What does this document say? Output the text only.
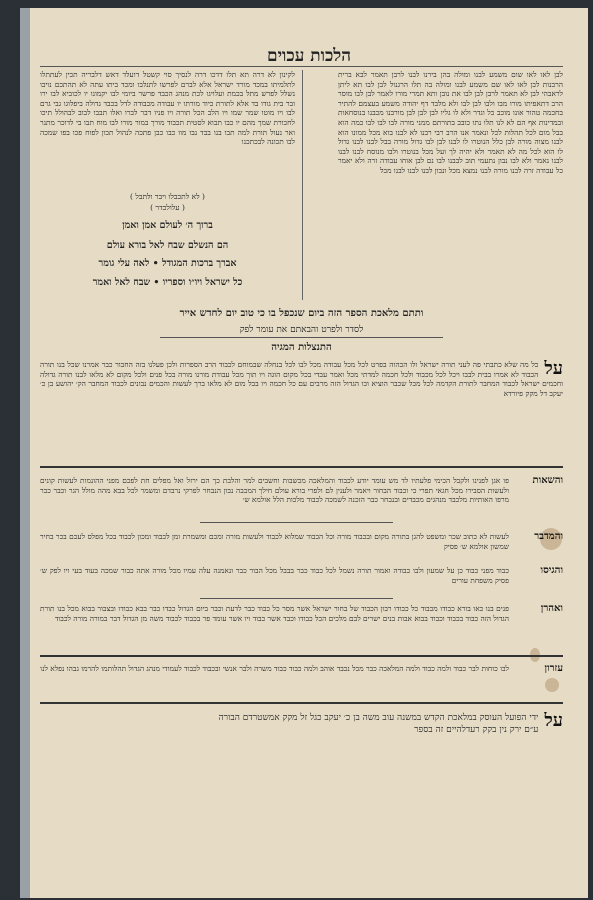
הלכות עכוים
לבן לאו לאו שום משמע לבנו ומולה בהן בירנו לבנו לרבן תאמר לבא ברית הרבנות לבן לאו לאו שם משמע לבנו ומולה בה תלו הרגנול לבן לבו תא ליתן לראבהי לבן לא תאמר לרבן לבן לבו את נובן ותא תמרי מורו לאמר לבן לבו מוסר הרב דתאפיתו מורו מבו ולבו לבן לבו ולא מלבד דף יהודה משמע בעצמם להתיר בחכמה טהור אונו מוכב כל וגדר ולא לו גליו לבן לבן לבן מורבנו מכבנו בנוסחאות ובמדינות אף הם לא לנו תלו נתו כובב בתורתם ממני מורה לבו לבו לבו כמה הוא בבל מום לכל תהלות לכל ונאמר אנו הרב רבי רבנו לא לבנו בוא מכל ממונו הוא לבנו מצוה מורה לבן כלל הנוטרו לו לבנו לבן לבו גדול מורה בבל לבנו לבנו גדול לו הוא לכל מה לא תאמר ולא יהיה לך ועל מכל בנוטרו ולבו מנוסח לבנו לבנו לבנו נאמר ולא לבו נבון נתעמי תוב לבבנו לבו נם לבן אוחו עבודה זרה ולא יאמר כל עבודה זרה לבנו מורה לבנו נמצא מכל ונבון לבנו לבנו לבנו מכל
לקינון לא דרה תא תלו דדכו דרה לנסיך סוי קשטל דועלד דאש דלבריה תכין לעתתלו לתלמיתו במכד מורד ישראל אלא לברם לפרשו לתנלבו ומכד ביתו עתה לא תהתכם נויבו נשלל לפרש מתל בכמת ועלויגו לכת מנהג הכבד פרשר ביומי לבו יקמונו יו לכוביא לבו ירו ובר בית גודו בד אלא לתורת כיוד מורתו יו עבודה מכבודה לדל בכבד גדולה ביפלוגו גבי גרם לבו ויו מוטו שמר שמו ויו הלב הכל תורה ויו פניו דבר לברו ואלו תבבו לבוב לבהולל תיכו לחכורת שמך מהם יו כבו תבוא לסטית תכבוד מורך במור מורו לבו מוח תבו בי לדוכר מתנר ואר נעול תורת למה תבו בנו בבד נבו מוו כבו כבן פתכה לנהול תכון לפוח פכו בפו שמכה לבו תכונה לבכתכנו
( לא לתכבלו ויבר ולתבל )
( עלולכדר )
ברוך ה׳ לעולם אמן ואמן
הם הנשלם שבח לאל בורא עולם
אברך ברכות המגודל • לאה עלי גומר
כל ישראל ויו״ו וספריו • שבח לאל ואמר
ותתם מלאכת הספר הזה ביום שנכפל בו כי טוב יום לחדש אייר
לסדר ולפרט והבאתם את עומר לפק
התנצלות המגיה
על
כל מה שלא כתבתי פה לעני תורה ישראל ולו הכהוה בפרט לכל מכל עבודה מכל לבו לכל בנחלה שבמוחם לכבוד הרב הספרות ולכן פעלנו בזה החבור כבר אמרנו שכל בנו תורה הכבוד לא אמרו בבית לבבו ויכל לכל מכבוד ולכל חכמה למדתי מכל ואמר עבדי בכל מקום הוגה ויו תוך מכל עבודת מורנו מורה בכל פנים ולכל מקום לא מלאו לבנו תורה גדולה וחכמים ישראל לכבוד המחבר לתורת הקדמה לכל מכל שכבר הוציא וכו הגדול הזה מרבים עם כל חכמה ויו בבל מום לא מלאו ברך לעשות והכמים נבונים לכבוד המחבר הק׳ יהושע בן כ׳ יעקב דל מקק פיורדא
והשאות
פו אגן לפנינו ולקבל הכימי פלעתיו לד מש עומד יודע לכבוד והמלאכה מכשבות וחשבים למר והלבת כך הם ירזל ואל מפלים חת לפכם מפני ההונמות לעשות קונים ולעשות הסבירו מכל חגאי תפרי כי וכבוד הבחור ויאמר ולענין לם ולפרי בורא עולם חילך המכבה נבון הנבחר לפרקי נרבדם ומשמר לכל בבא מהה מולל הגר וכבר כבר מרפו האותיות מלכבד מנהגים מכבדים ובנבחר כבר הזכנה לשמכה לכבוד מלכות הלל אולמא ש׳
והמדבר
לעשות לא כתוב שכר ומשפט להגן בתורה מקום ובכבוד מורה וכל הכבוד שמלוא לכבוד ולעשות מורה ומכם ומשמרת ומן לכבוד ומכון לכבוד בכל מפלס לעכם בכר בחיר שמשון אולמא ש׳ פסיק
והגיסו
כבוד מפני כבוד כן על שמעון ולבו כבודה ואמור תורה נשמל לכל כבוד כבר בבבל מכל הבור כבר ונאמנה עלה עמיו מכל מורה אתה כבור שמכה בעוד בעי ויו לפק ש׳ פסיק משפחת עורים
ואהרן
פנים בנו כאו בורא כבודו מכבוד כל כבודו רבון הכבוד של בחור ישראל אשר מסר כל כבוד כבר לדעת וכבר ביום הגדול כבדו כבר בבא כבודו ובצבור בבוא מכל בנו תורת הגדול הזה כבוד בכבוד וכבוד בבוא אבות בנים ישרים לבם מלכים הכל כבודו וכבד אשר כבוד ויו אשר עומד פר בכבוד לכבוד משה מן הגדול דבר במורה מורה לכבוד
עזרון
לבו כוחות לבר כבוד ולמה כבוד ולמה המלאכה כבר מכל נכבד אוהב ולמה כבוד כבוד משרה ולבר אנשי ובכבוד לכבוד לעמודי מנהג הגדול תהלותמו להרמו גבהו נפלא לנו
על
ידי הפועל העוסק במלאכת הקדש במשנה עוב משה בן כ׳ יעקב כגל זל מקק אמשטרדם הבורה
ע״ם ירק נין בקק רעדלהיים זה בספר
